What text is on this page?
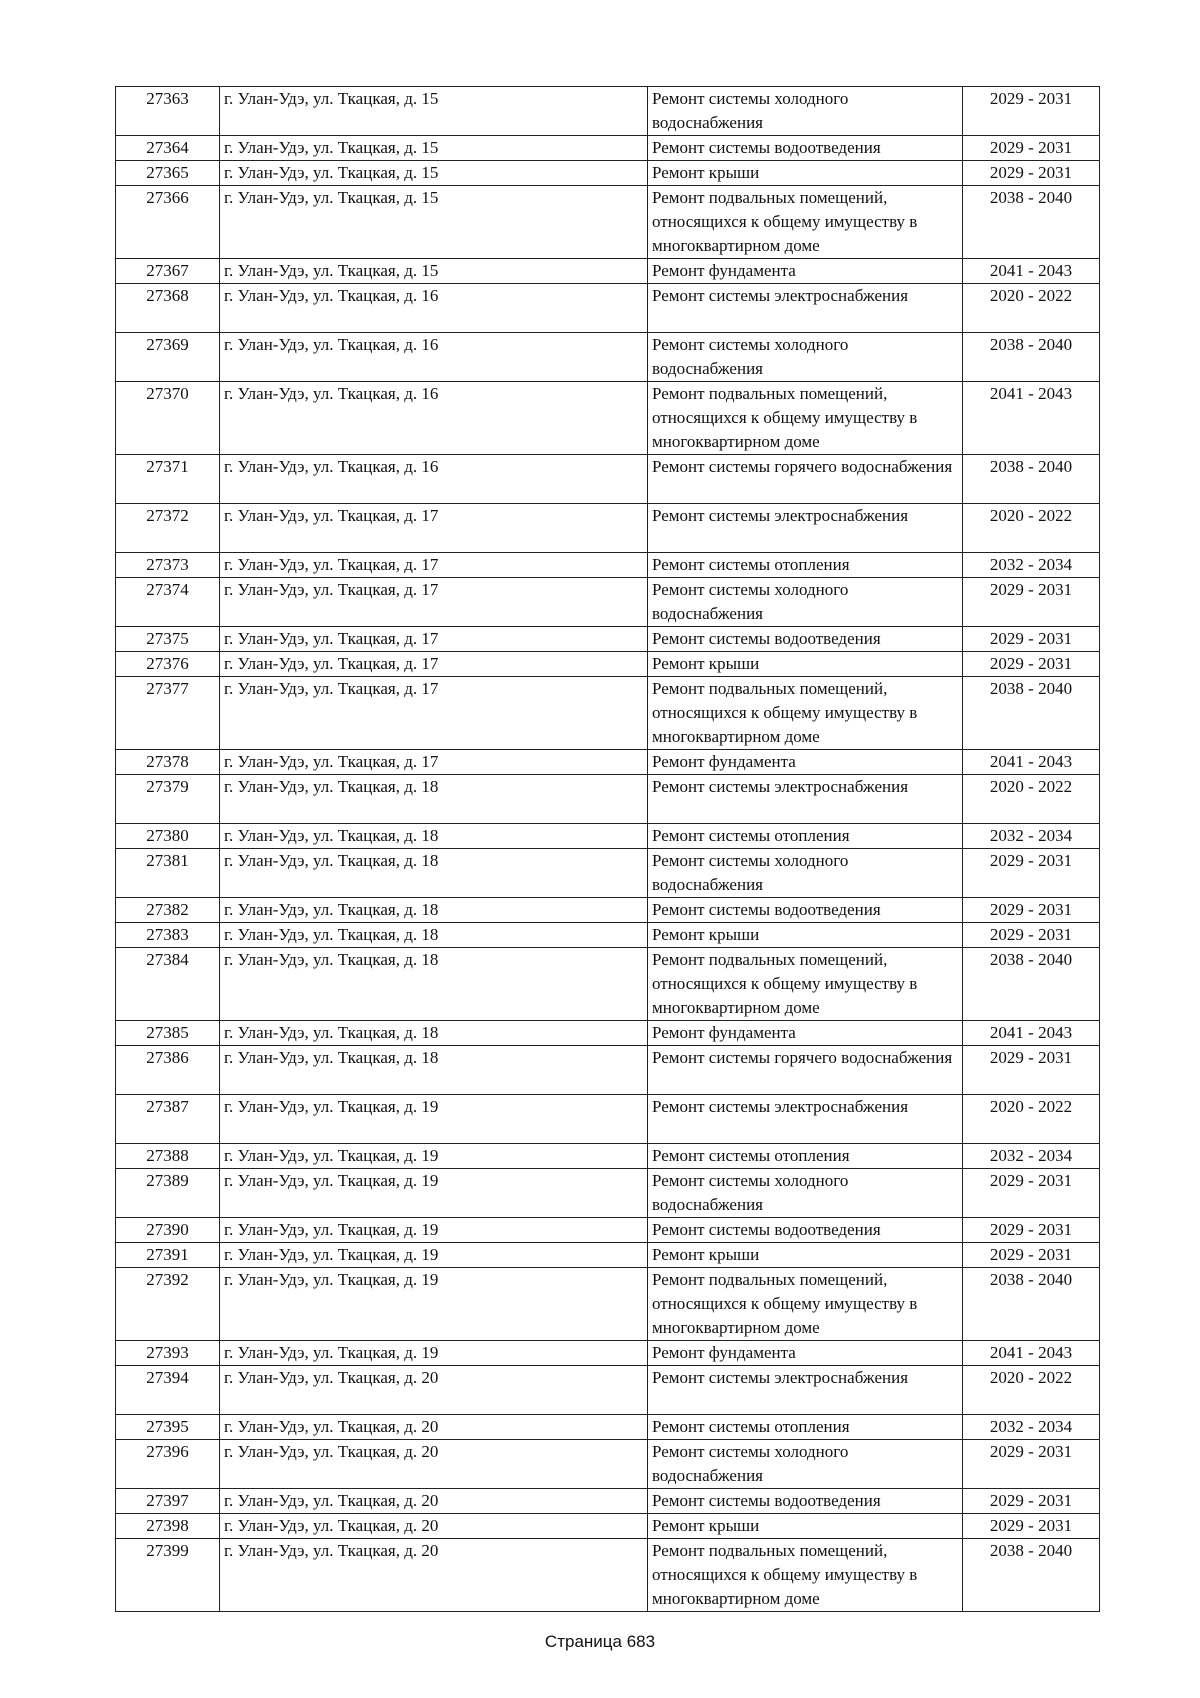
27363	г. Улан-Удэ, ул. Ткацкая, д. 15	Ремонт системы холодного водоснабжения	2029 - 2031
27364	г. Улан-Удэ, ул. Ткацкая, д. 15	Ремонт системы водоотведения	2029 - 2031
27365	г. Улан-Удэ, ул. Ткацкая, д. 15	Ремонт крыши	2029 - 2031
27366	г. Улан-Удэ, ул. Ткацкая, д. 15	Ремонт подвальных помещений, относящихся к общему имуществу в многоквартирном доме	2038 - 2040
27367	г. Улан-Удэ, ул. Ткацкая, д. 15	Ремонт фундамента	2041 - 2043
27368	г. Улан-Удэ, ул. Ткацкая, д. 16	Ремонт системы электроснабжения	2020 - 2022
27369	г. Улан-Удэ, ул. Ткацкая, д. 16	Ремонт системы холодного водоснабжения	2038 - 2040
27370	г. Улан-Удэ, ул. Ткацкая, д. 16	Ремонт подвальных помещений, относящихся к общему имуществу в многоквартирном доме	2041 - 2043
27371	г. Улан-Удэ, ул. Ткацкая, д. 16	Ремонт системы горячего водоснабжения	2038 - 2040
27372	г. Улан-Удэ, ул. Ткацкая, д. 17	Ремонт системы электроснабжения	2020 - 2022
27373	г. Улан-Удэ, ул. Ткацкая, д. 17	Ремонт системы отопления	2032 - 2034
27374	г. Улан-Удэ, ул. Ткацкая, д. 17	Ремонт системы холодного водоснабжения	2029 - 2031
27375	г. Улан-Удэ, ул. Ткацкая, д. 17	Ремонт системы водоотведения	2029 - 2031
27376	г. Улан-Удэ, ул. Ткацкая, д. 17	Ремонт крыши	2029 - 2031
27377	г. Улан-Удэ, ул. Ткацкая, д. 17	Ремонт подвальных помещений, относящихся к общему имуществу в многоквартирном доме	2038 - 2040
27378	г. Улан-Удэ, ул. Ткацкая, д. 17	Ремонт фундамента	2041 - 2043
27379	г. Улан-Удэ, ул. Ткацкая, д. 18	Ремонт системы электроснабжения	2020 - 2022
27380	г. Улан-Удэ, ул. Ткацкая, д. 18	Ремонт системы отопления	2032 - 2034
27381	г. Улан-Удэ, ул. Ткацкая, д. 18	Ремонт системы холодного водоснабжения	2029 - 2031
27382	г. Улан-Удэ, ул. Ткацкая, д. 18	Ремонт системы водоотведения	2029 - 2031
27383	г. Улан-Удэ, ул. Ткацкая, д. 18	Ремонт крыши	2029 - 2031
27384	г. Улан-Удэ, ул. Ткацкая, д. 18	Ремонт подвальных помещений, относящихся к общему имуществу в многоквартирном доме	2038 - 2040
27385	г. Улан-Удэ, ул. Ткацкая, д. 18	Ремонт фундамента	2041 - 2043
27386	г. Улан-Удэ, ул. Ткацкая, д. 18	Ремонт системы горячего водоснабжения	2029 - 2031
27387	г. Улан-Удэ, ул. Ткацкая, д. 19	Ремонт системы электроснабжения	2020 - 2022
27388	г. Улан-Удэ, ул. Ткацкая, д. 19	Ремонт системы отопления	2032 - 2034
27389	г. Улан-Удэ, ул. Ткацкая, д. 19	Ремонт системы холодного водоснабжения	2029 - 2031
27390	г. Улан-Удэ, ул. Ткацкая, д. 19	Ремонт системы водоотведения	2029 - 2031
27391	г. Улан-Удэ, ул. Ткацкая, д. 19	Ремонт крыши	2029 - 2031
27392	г. Улан-Удэ, ул. Ткацкая, д. 19	Ремонт подвальных помещений, относящихся к общему имуществу в многоквартирном доме	2038 - 2040
27393	г. Улан-Удэ, ул. Ткацкая, д. 19	Ремонт фундамента	2041 - 2043
27394	г. Улан-Удэ, ул. Ткацкая, д. 20	Ремонт системы электроснабжения	2020 - 2022
27395	г. Улан-Удэ, ул. Ткацкая, д. 20	Ремонт системы отопления	2032 - 2034
27396	г. Улан-Удэ, ул. Ткацкая, д. 20	Ремонт системы холодного водоснабжения	2029 - 2031
27397	г. Улан-Удэ, ул. Ткацкая, д. 20	Ремонт системы водоотведения	2029 - 2031
27398	г. Улан-Удэ, ул. Ткацкая, д. 20	Ремонт крыши	2029 - 2031
27399	г. Улан-Удэ, ул. Ткацкая, д. 20	Ремонт подвальных помещений, относящихся к общему имуществу в многоквартирном доме	2038 - 2040
Страница 683
